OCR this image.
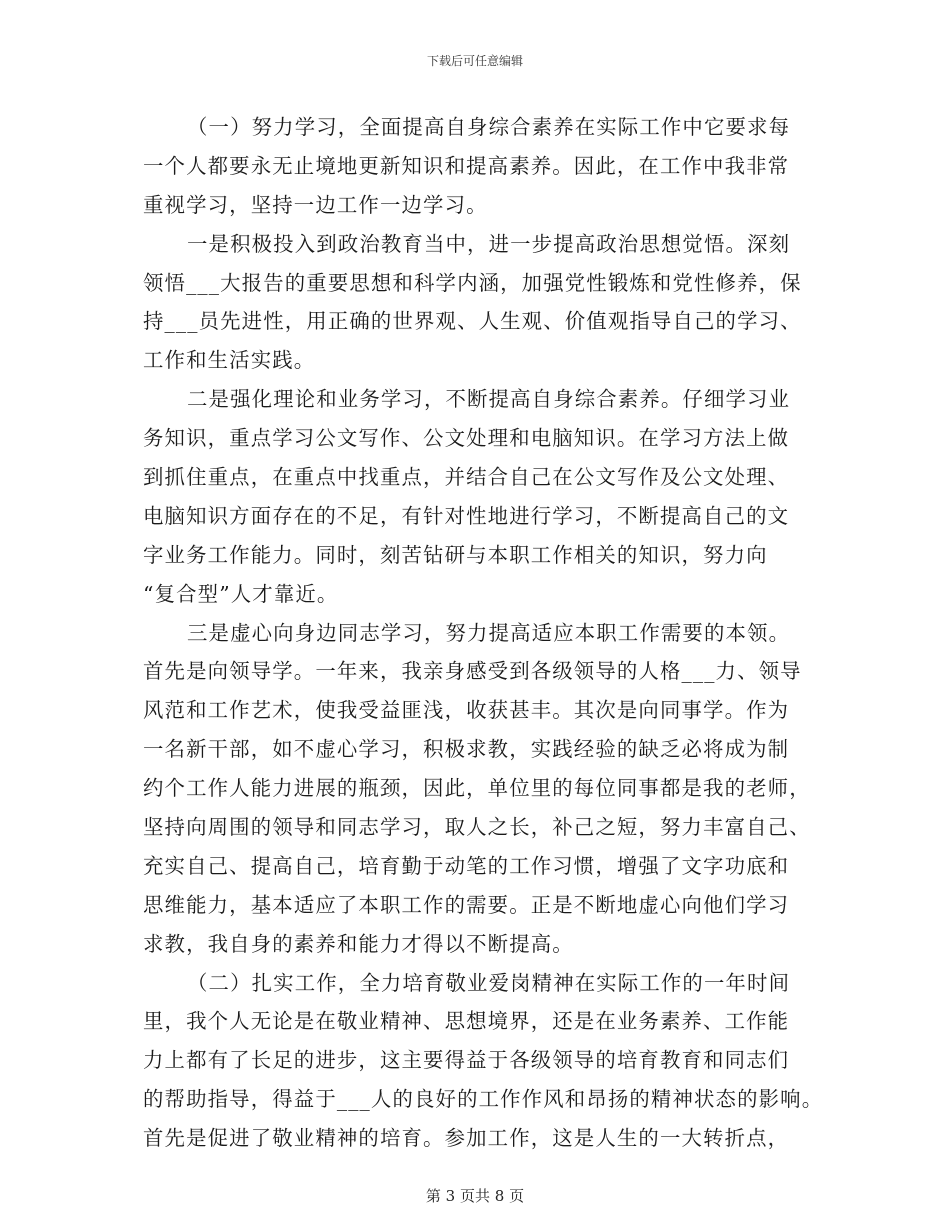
下载后可任意编辑
（一）努力学习，全面提高自身综合素养在实际工作中它要求每
一个人都要永无止境地更新知识和提高素养。因此，在工作中我非常
重视学习，坚持一边工作一边学习。
一是积极投入到政治教育当中，进一步提高政治思想觉悟。深刻
领悟___大报告的重要思想和科学内涵，加强党性锻炼和党性修养，保
持___员先进性，用正确的世界观、人生观、价值观指导自己的学习、
工作和生活实践。
二是强化理论和业务学习，不断提高自身综合素养。仔细学习业
务知识，重点学习公文写作、公文处理和电脑知识。在学习方法上做
到抓住重点，在重点中找重点，并结合自己在公文写作及公文处理、
电脑知识方面存在的不足，有针对性地进行学习，不断提高自己的文
字业务工作能力。同时，刻苦钻研与本职工作相关的知识，努力向
“复合型”人才靠近。
三是虚心向身边同志学习，努力提高适应本职工作需要的本领。
首先是向领导学。一年来，我亲身感受到各级领导的人格___力、领导
风范和工作艺术，使我受益匪浅，收获甚丰。其次是向同事学。作为
一名新干部，如不虚心学习，积极求教，实践经验的缺乏必将成为制
约个工作人能力进展的瓶颈，因此，单位里的每位同事都是我的老师，
坚持向周围的领导和同志学习，取人之长，补己之短，努力丰富自己、
充实自己、提高自己，培育勤于动笔的工作习惯，增强了文字功底和
思维能力，基本适应了本职工作的需要。正是不断地虚心向他们学习
求教，我自身的素养和能力才得以不断提高。
（二）扎实工作，全力培育敬业爱岗精神在实际工作的一年时间
里，我个人无论是在敬业精神、思想境界，还是在业务素养、工作能
力上都有了长足的进步，这主要得益于各级领导的培育教育和同志们
的帮助指导，得益于___人的良好的工作作风和昂扬的精神状态的影响。
首先是促进了敬业精神的培育。参加工作，这是人生的一大转折点，
第 3 页共 8 页
